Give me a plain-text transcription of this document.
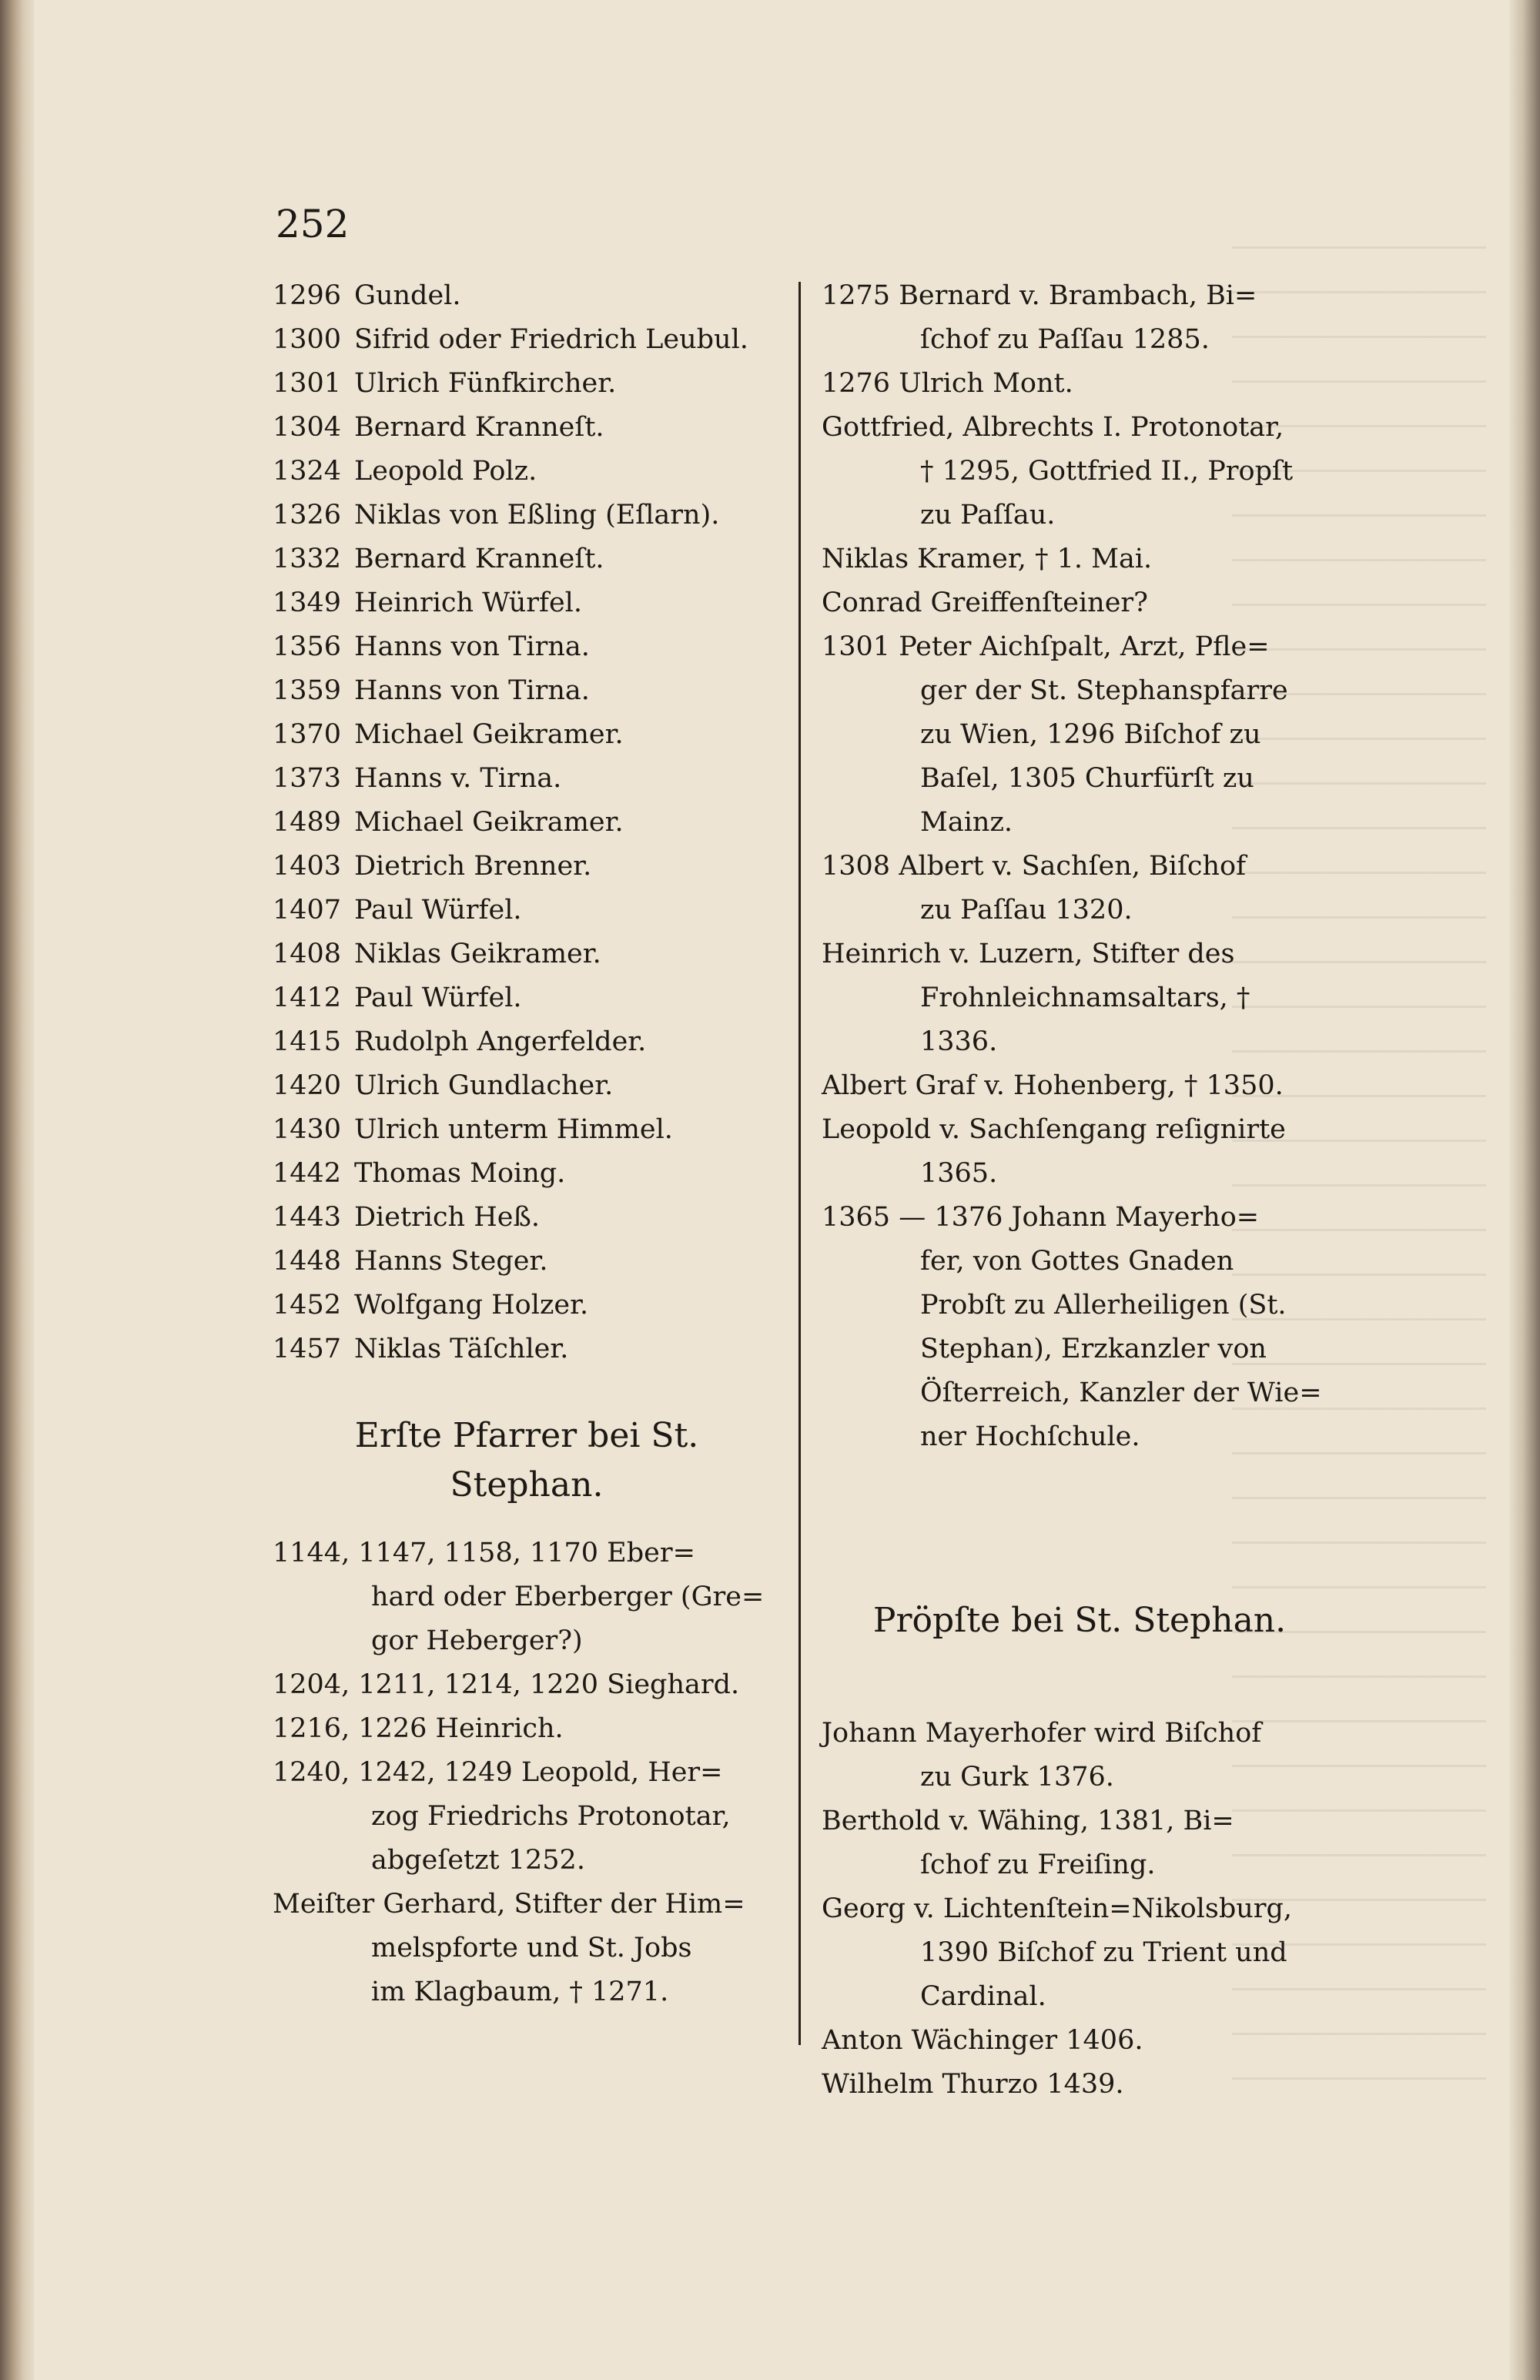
252
1296 Gundel.
1300 Sifrid oder Friedrich Leubul.
1301 Ulrich Fünfkircher.
1304 Bernard Kranneſt.
1324 Leopold Polz.
1326 Niklas von Eßling (Eſlarn).
1332 Bernard Kranneſt.
1349 Heinrich Würfel.
1356 Hanns von Tirna.
1359 Hanns von Tirna.
1370 Michael Geikramer.
1373 Hanns v. Tirna.
1489 Michael Geikramer.
1403 Dietrich Brenner.
1407 Paul Würfel.
1408 Niklas Geikramer.
1412 Paul Würfel.
1415 Rudolph Angerfelder.
1420 Ulrich Gundlacher.
1430 Ulrich unterm Himmel.
1442 Thomas Moing.
1443 Dietrich Heß.
1448 Hanns Steger.
1452 Wolfgang Holzer.
1457 Niklas Täſchler.
Erſte Pfarrer bei St.
Stephan.
1144, 1147, 1158, 1170 Eber=
hard oder Eberberger (Gre=
gor Heberger?)
1204, 1211, 1214, 1220 Sieghard.
1216, 1226 Heinrich.
1240, 1242, 1249 Leopold, Her=
zog Friedrichs Protonotar,
abgeſetzt 1252.
Meiſter Gerhard, Stifter der Him=
melspforte und St. Jobs
im Klagbaum, † 1271.
1275 Bernard v. Brambach, Bi=
ſchof zu Paſſau 1285.
1276 Ulrich Mont.
Gottfried, Albrechts I. Protonotar,
† 1295, Gottfried II., Propſt
zu Paſſau.
Niklas Kramer, † 1. Mai.
Conrad Greiffenſteiner?
1301 Peter Aichſpalt, Arzt, Pfle=
ger der St. Stephanspfarre
zu Wien, 1296 Biſchof zu
Baſel, 1305 Churfürſt zu
Mainz.
1308 Albert v. Sachſen, Biſchof
zu Paſſau 1320.
Heinrich v. Luzern, Stifter des
Frohnleichnamsaltars, †
1336.
Albert Graf v. Hohenberg, † 1350.
Leopold v. Sachſengang reſignirte
1365.
1365 — 1376 Johann Mayerho=
fer, von Gottes Gnaden
Probſt zu Allerheiligen (St.
Stephan), Erzkanzler von
Öſterreich, Kanzler der Wie=
ner Hochſchule.
Pröpſte bei St. Stephan.
Johann Mayerhofer wird Biſchof
zu Gurk 1376.
Berthold v. Wähing, 1381, Bi=
ſchof zu Freiſing.
Georg v. Lichtenſtein=Nikolsburg,
1390 Biſchof zu Trient und
Cardinal.
Anton Wächinger 1406.
Wilhelm Thurzo 1439.
